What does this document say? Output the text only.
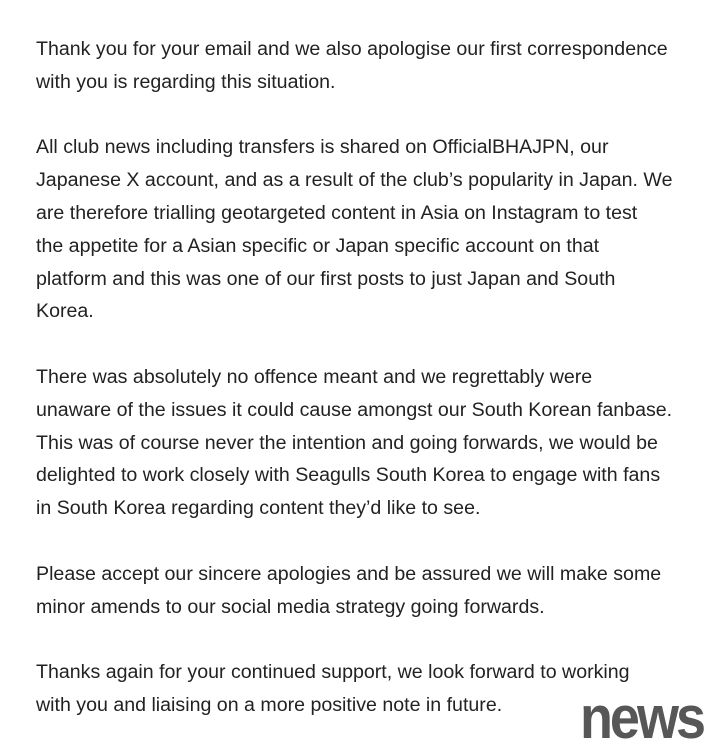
Thank you for your email and we also apologise our first correspondence
with you is regarding this situation.
All club news including transfers is shared on OfficialBHAJPN, our
Japanese X account, and as a result of the club’s popularity in Japan. We
are therefore trialling geotargeted content in Asia on Instagram to test
the appetite for a Asian specific or Japan specific account on that
platform and this was one of our first posts to just Japan and South
Korea.
There was absolutely no offence meant and we regrettably were
unaware of the issues it could cause amongst our South Korean fanbase.
This was of course never the intention and going forwards, we would be
delighted to work closely with Seagulls South Korea to engage with fans
in South Korea regarding content they’d like to see.
Please accept our sincere apologies and be assured we will make some
minor amends to our social media strategy going forwards.
Thanks again for your continued support, we look forward to working
with you and liaising on a more positive note in future.	news
